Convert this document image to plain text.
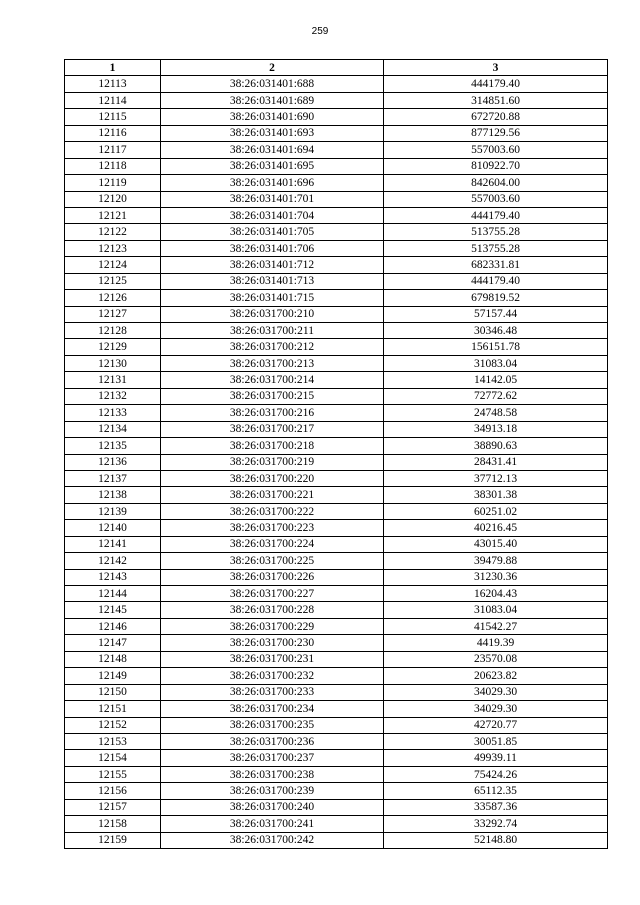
259
1	2	3
12113	38:26:031401:688	444179.40
12114	38:26:031401:689	314851.60
12115	38:26:031401:690	672720.88
12116	38:26:031401:693	877129.56
12117	38:26:031401:694	557003.60
12118	38:26:031401:695	810922.70
12119	38:26:031401:696	842604.00
12120	38:26:031401:701	557003.60
12121	38:26:031401:704	444179.40
12122	38:26:031401:705	513755.28
12123	38:26:031401:706	513755.28
12124	38:26:031401:712	682331.81
12125	38:26:031401:713	444179.40
12126	38:26:031401:715	679819.52
12127	38:26:031700:210	57157.44
12128	38:26:031700:211	30346.48
12129	38:26:031700:212	156151.78
12130	38:26:031700:213	31083.04
12131	38:26:031700:214	14142.05
12132	38:26:031700:215	72772.62
12133	38:26:031700:216	24748.58
12134	38:26:031700:217	34913.18
12135	38:26:031700:218	38890.63
12136	38:26:031700:219	28431.41
12137	38:26:031700:220	37712.13
12138	38:26:031700:221	38301.38
12139	38:26:031700:222	60251.02
12140	38:26:031700:223	40216.45
12141	38:26:031700:224	43015.40
12142	38:26:031700:225	39479.88
12143	38:26:031700:226	31230.36
12144	38:26:031700:227	16204.43
12145	38:26:031700:228	31083.04
12146	38:26:031700:229	41542.27
12147	38:26:031700:230	4419.39
12148	38:26:031700:231	23570.08
12149	38:26:031700:232	20623.82
12150	38:26:031700:233	34029.30
12151	38:26:031700:234	34029.30
12152	38:26:031700:235	42720.77
12153	38:26:031700:236	30051.85
12154	38:26:031700:237	49939.11
12155	38:26:031700:238	75424.26
12156	38:26:031700:239	65112.35
12157	38:26:031700:240	33587.36
12158	38:26:031700:241	33292.74
12159	38:26:031700:242	52148.80
